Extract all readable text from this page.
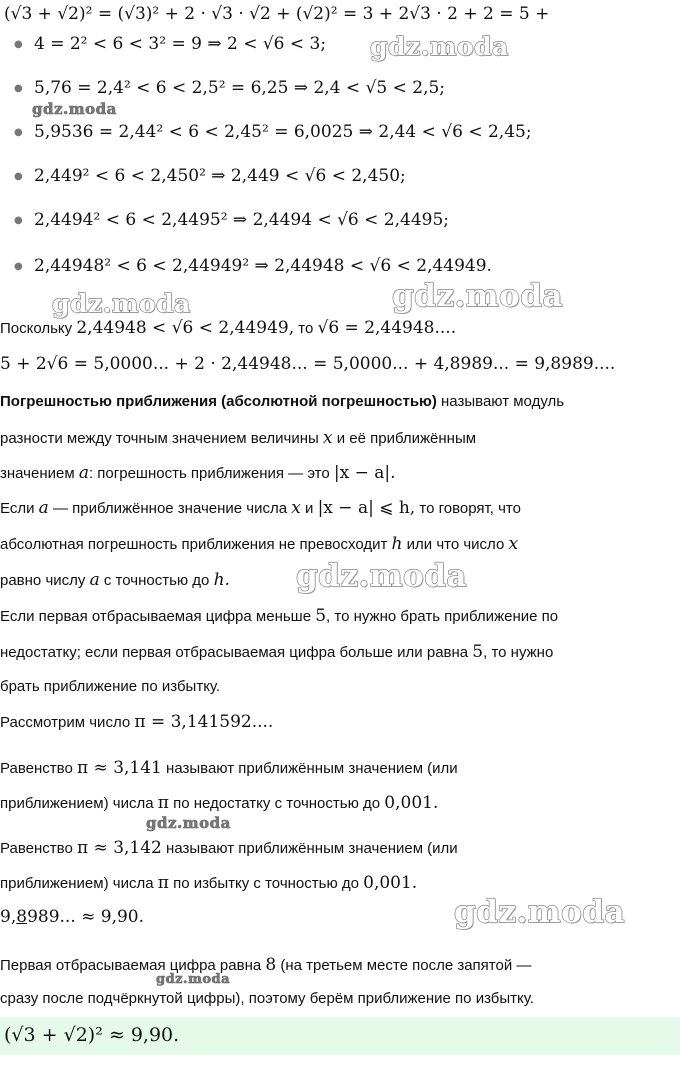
(√3 + √2)² = (√3)² + 2 · √3 · √2 + (√2)² = 3 + 2√3 · 2 + 2 = 5 +
● 4 = 2² < 6 < 3² = 9 ⇒ 2 < √6 < 3;
● 5,76 = 2,4² < 6 < 2,5² = 6,25 ⇒ 2,4 < √5 < 2,5;
● 5,9536 = 2,44² < 6 < 2,45² = 6,0025 ⇒ 2,44 < √6 < 2,45;
● 2,449² < 6 < 2,450² ⇒ 2,449 < √6 < 2,450;
● 2,4494² < 6 < 2,4495² ⇒ 2,4494 < √6 < 2,4495;
● 2,44948² < 6 < 2,44949² ⇒ 2,44948 < √6 < 2,44949.
Поскольку 2,44948 < √6 < 2,44949, то √6 = 2,44948....
5 + 2√6 = 5,0000... + 2 · 2,44948... = 5,0000... + 4,8989... = 9,8989....
Погрешностью приближения (абсолютной погрешностью) называют модуль
разности между точным значением величины x и её приближённым
значением a: погрешность приближения — это |x − a|.
Если a — приближённое значение числа x и |x − a| ⩽ h, то говорят, что
абсолютная погрешность приближения не превосходит h или что число x
равно числу a с точностью до h.
Если первая отбрасываемая цифра меньше 5, то нужно брать приближение по
недостатку; если первая отбрасываемая цифра больше или равна 5, то нужно
брать приближение по избытку.
Рассмотрим число π = 3,141592....
Равенство π ≈ 3,141 называют приближённым значением (или
приближением) числа π по недостатку с точностью до 0,001.
Равенство π ≈ 3,142 называют приближённым значением (или
приближением) числа π по избытку с точностью до 0,001.
9,8989... ≈ 9,90.
Первая отбрасываемая цифра равна 8 (на третьем месте после запятой —
сразу после подчёркнутой цифры), поэтому берём приближение по избытку.
(√3 + √2)² ≈ 9,90.
gdz.moda
gdz.moda
gdz.moda	gdz.moda
gdz.moda
gdz.moda
gdz.moda
gdz.moda
